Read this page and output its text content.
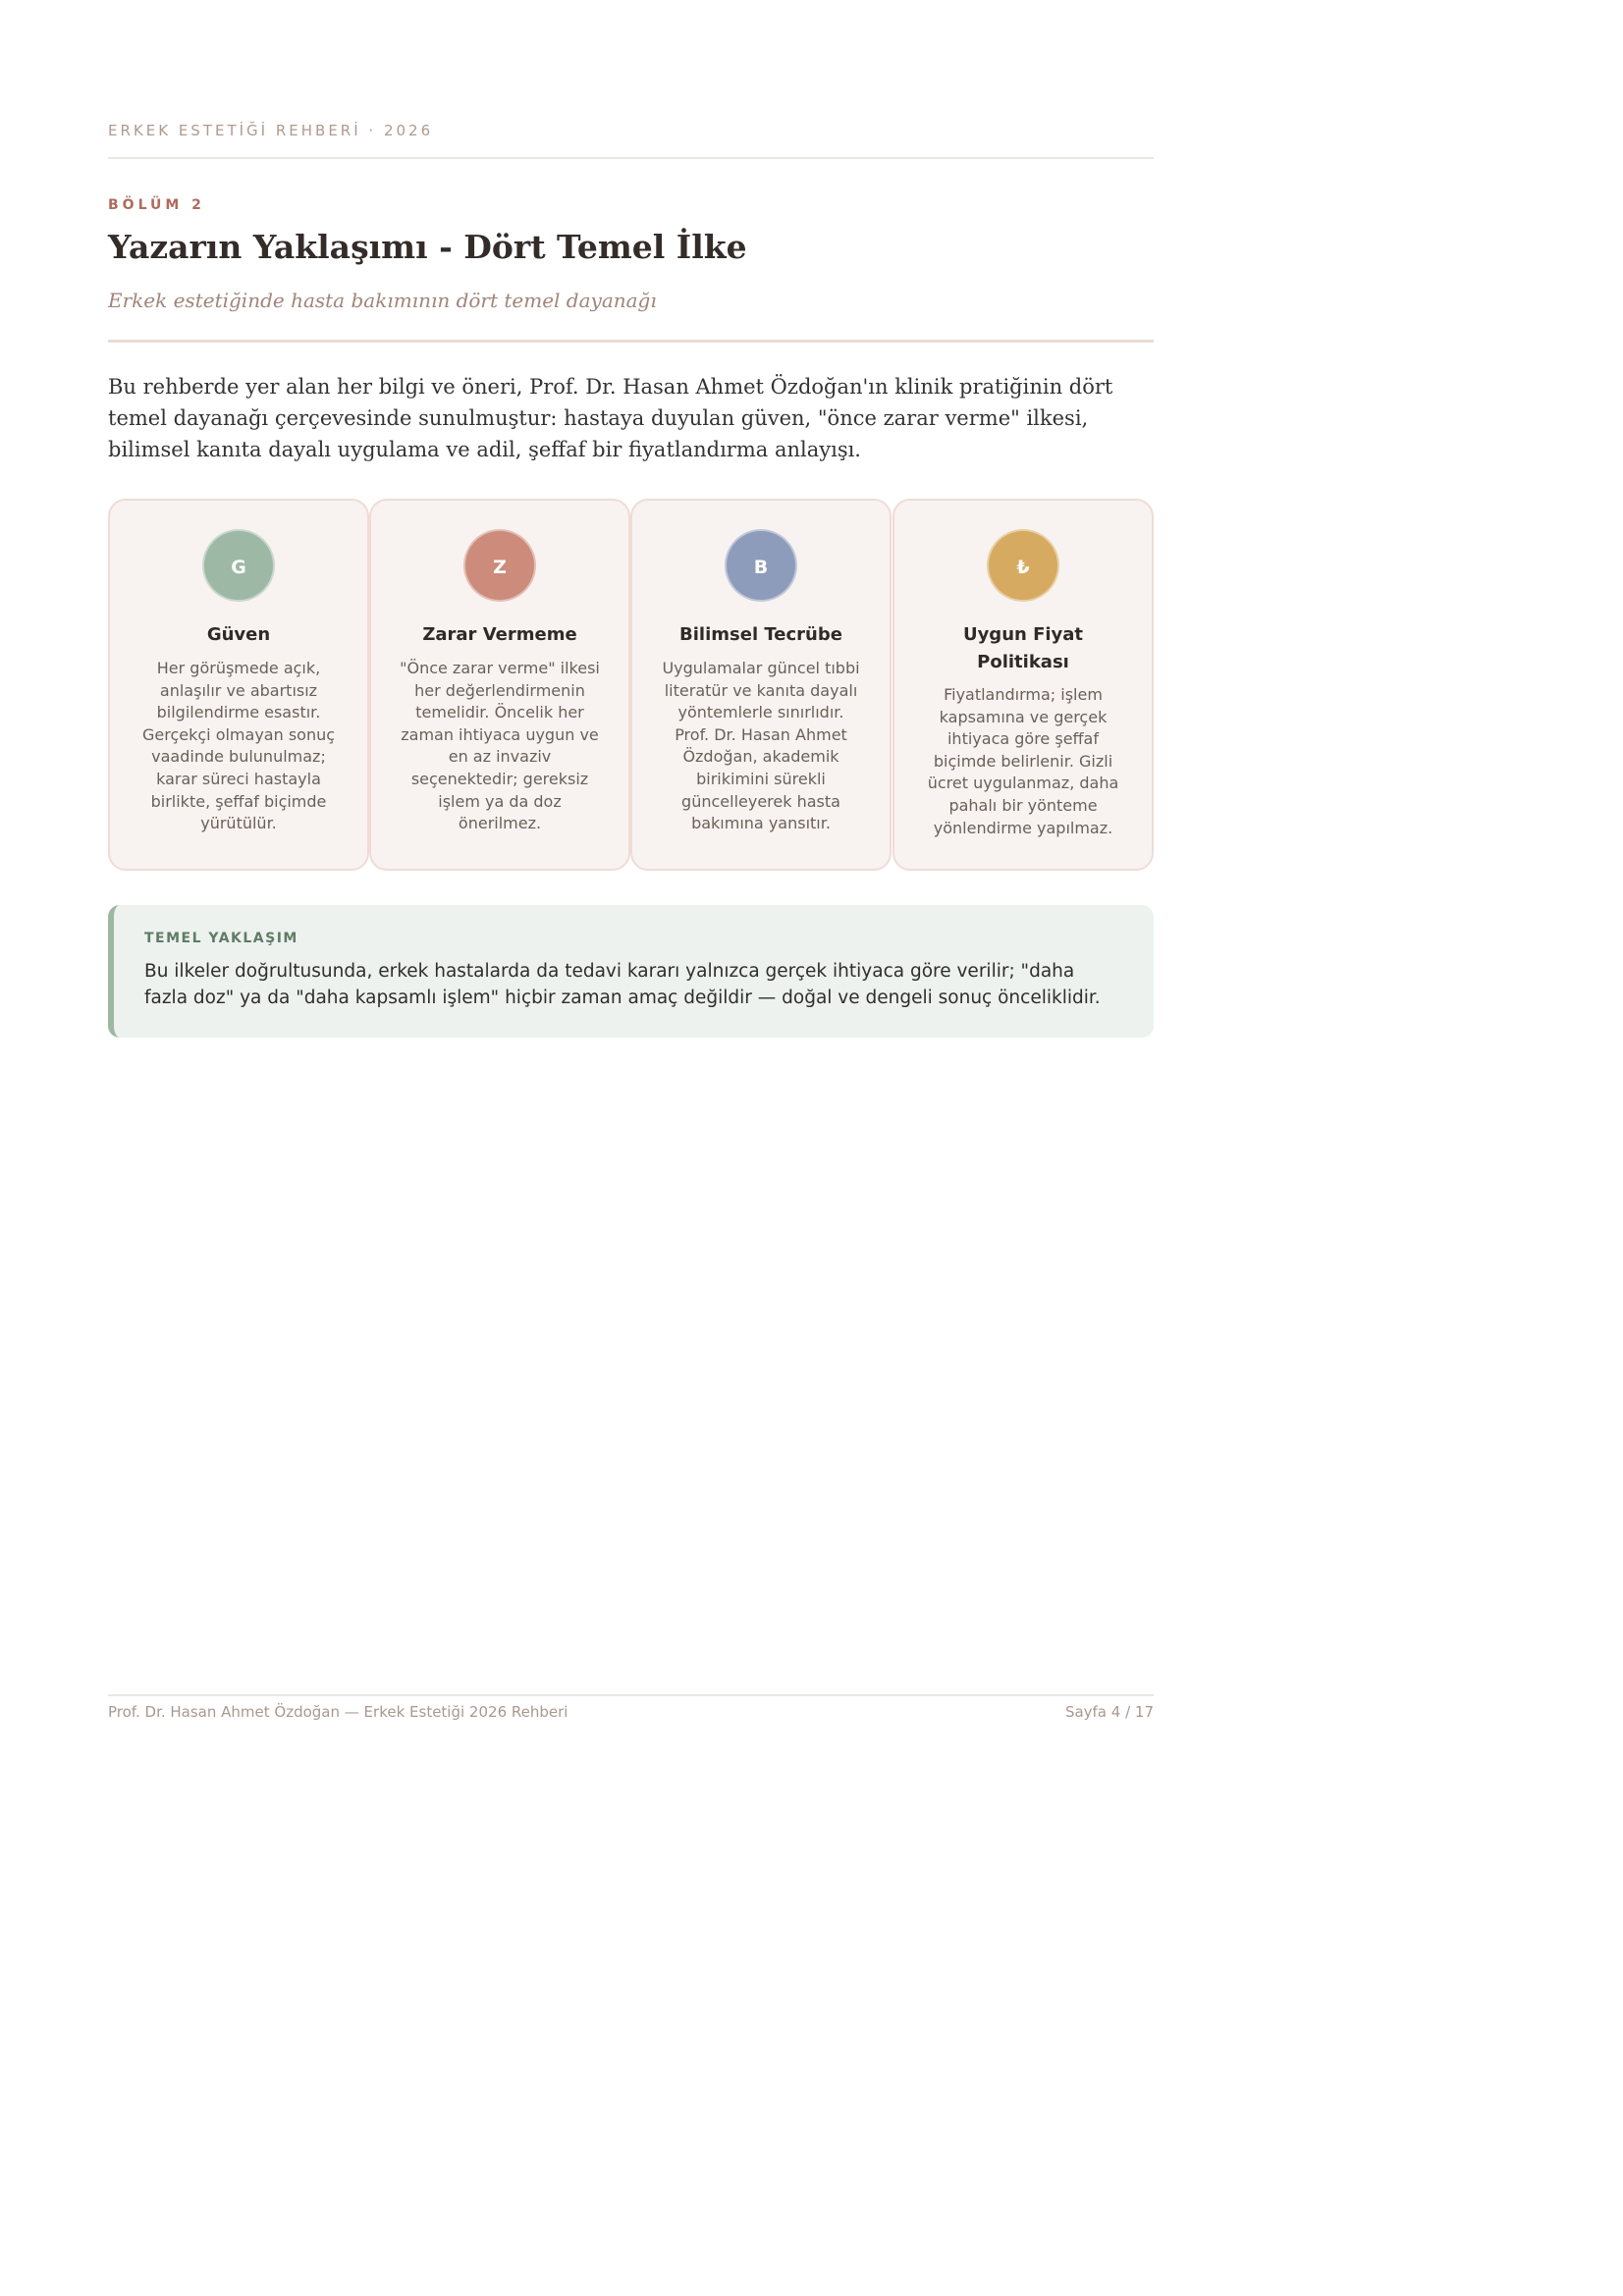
ERKEK ESTETİĞİ REHBERİ · 2026
BÖLÜM 2
Yazarın Yaklaşımı - Dört Temel İlke
Erkek estetiğinde hasta bakımının dört temel dayanağı

Bu rehberde yer alan her bilgi ve öneri, Prof. Dr. Hasan Ahmet Özdoğan'ın klinik pratiğinin dört temel dayanağı çerçevesinde sunulmuştur: hastaya duyulan güven, "önce zarar verme" ilkesi, bilimsel kanıta dayalı uygulama ve adil, şeffaf bir fiyatlandırma anlayışı.

G
Güven
Her görüşmede açık, anlaşılır ve abartısız bilgilendirme esastır. Gerçekçi olmayan sonuç vaadinde bulunulmaz; karar süreci hastayla birlikte, şeffaf biçimde yürütülür.
Z
Zarar Vermeme
"Önce zarar verme" ilkesi her değerlendirmenin temelidir. Öncelik her zaman ihtiyaca uygun ve en az invaziv seçenektedir; gereksiz işlem ya da doz önerilmez.
B
Bilimsel Tecrübe
Uygulamalar güncel tıbbi literatür ve kanıta dayalı yöntemlerle sınırlıdır. Prof. Dr. Hasan Ahmet Özdoğan, akademik birikimini sürekli güncelleyerek hasta bakımına yansıtır.
₺
Uygun Fiyat Politikası
Fiyatlandırma; işlem kapsamına ve gerçek ihtiyaca göre şeffaf biçimde belirlenir. Gizli ücret uygulanmaz, daha pahalı bir yönteme yönlendirme yapılmaz.
TEMEL YAKLAŞIM
Bu ilkeler doğrultusunda, erkek hastalarda da tedavi kararı yalnızca gerçek ihtiyaca göre verilir; "daha fazla doz" ya da "daha kapsamlı işlem" hiçbir zaman amaç değildir — doğal ve dengeli sonuç önceliklidir.
Prof. Dr. Hasan Ahmet Özdoğan — Erkek Estetiği 2026 Rehberi	Sayfa 4 / 17
